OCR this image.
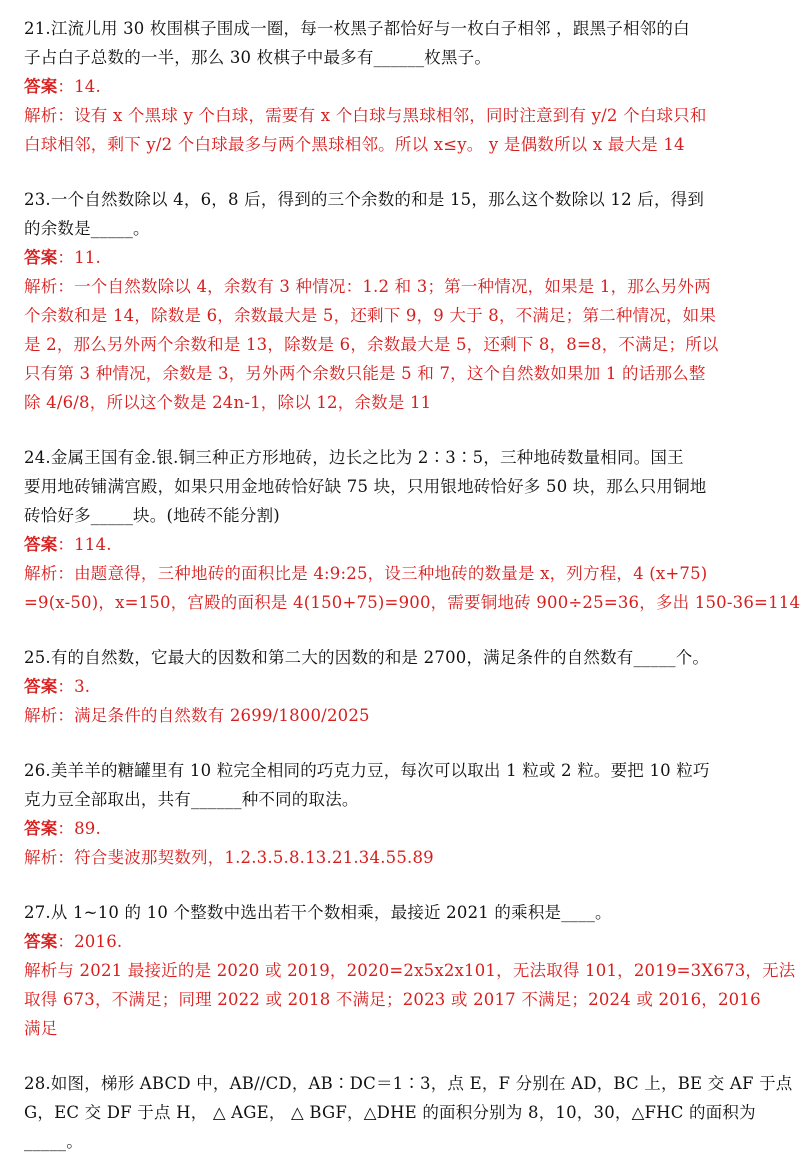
21.江流儿用 30 枚围棋子围成一圈，每一枚黑子都恰好与一枚白子相邻 ，跟黑子相邻的白
子占白子总数的一半，那么 30 枚棋子中最多有______枚黑子。
答案：14.
解析：设有 x 个黑球 y 个白球，需要有 x 个白球与黑球相邻，同时注意到有 y/2 个白球只和
白球相邻，剩下 y/2 个白球最多与两个黑球相邻。所以 x≤y。 y 是偶数所以 x 最大是 14
23.一个自然数除以 4，6，8 后，得到的三个余数的和是 15，那么这个数除以 12 后，得到
的余数是_____。
答案：11.
解析：一个自然数除以 4，余数有 3 种情况：1.2 和 3；第一种情况，如果是 1，那么另外两
个余数和是 14，除数是 6，余数最大是 5，还剩下 9，9 大于 8，不满足；第二种情况，如果
是 2，那么另外两个余数和是 13，除数是 6，余数最大是 5，还剩下 8，8=8，不满足；所以
只有第 3 种情况，余数是 3，另外两个余数只能是 5 和 7，这个自然数如果加 1 的话那么整
除 4/6/8，所以这个数是 24n-1，除以 12，余数是 11
24.金属王国有金.银.铜三种正方形地砖，边长之比为 2∶3∶5，三种地砖数量相同。国王
要用地砖铺满宫殿，如果只用金地砖恰好缺 75 块，只用银地砖恰好多 50 块，那么只用铜地
砖恰好多_____块。(地砖不能分割)
答案：114.
解析：由题意得，三种地砖的面积比是 4:9:25，设三种地砖的数量是 x，列方程，4 (x+75)
=9(x-50)，x=150，宫殿的面积是 4(150+75)=900，需要铜地砖 900÷25=36，多出 150-36=114
25.有的自然数，它最大的因数和第二大的因数的和是 2700，满足条件的自然数有_____个。
答案：3.
解析：满足条件的自然数有 2699/1800/2025
26.美羊羊的糖罐里有 10 粒完全相同的巧克力豆，每次可以取出 1 粒或 2 粒。要把 10 粒巧
克力豆全部取出，共有______种不同的取法。
答案：89.
解析：符合斐波那契数列，1.2.3.5.8.13.21.34.55.89
27.从 1~10 的 10 个整数中选出若干个数相乘，最接近 2021 的乘积是____。
答案：2016.
解析与 2021 最接近的是 2020 或 2019，2020=2x5x2x101，无法取得 101，2019=3X673，无法
取得 673，不满足；同理 2022 或 2018 不满足；2023 或 2017 不满足；2024 或 2016，2016
满足
28.如图，梯形 ABCD 中，AB//CD，AB∶DC＝1∶3，点 E，F 分别在 AD，BC 上，BE 交 AF 于点
G，EC 交 DF 于点 H， △ AGE， △ BGF，△DHE 的面积分别为 8，10，30，△FHC 的面积为
_____。
